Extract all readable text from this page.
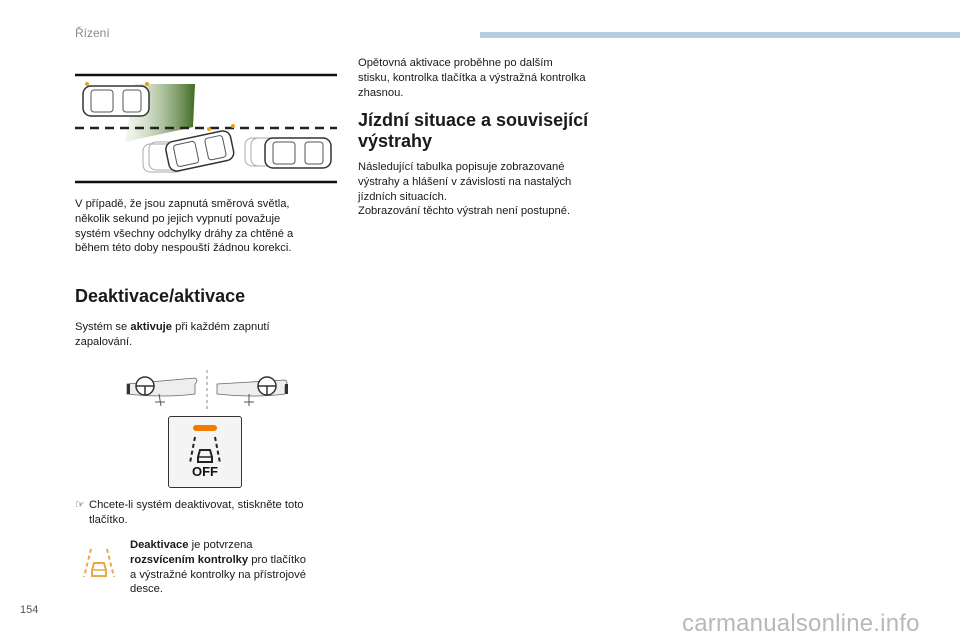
Řízení
V případě, že jsou zapnutá směrová světla,
několik sekund po jejich vypnutí považuje
systém všechny odchylky dráhy za chtěné a
během této doby nespouští žádnou korekci.
Deaktivace/aktivace
Systém se aktivuje při každém zapnutí
zapalování.
OFF
☞ Chcete-li systém deaktivovat, stiskněte toto
tlačítko.
Deaktivace je potvrzena
rozsvícením kontrolky pro tlačítko
a výstražné kontrolky na přístrojové
desce.
Opětovná aktivace proběhne po dalším
stisku, kontrolka tlačítka a výstražná kontrolka
zhasnou.
Jízdní situace a související
výstrahy
Následující tabulka popisuje zobrazované
výstrahy a hlášení v závislosti na nastalých
jízdních situacích.
Zobrazování těchto výstrah není postupné.
154	carmanualsonline.info
